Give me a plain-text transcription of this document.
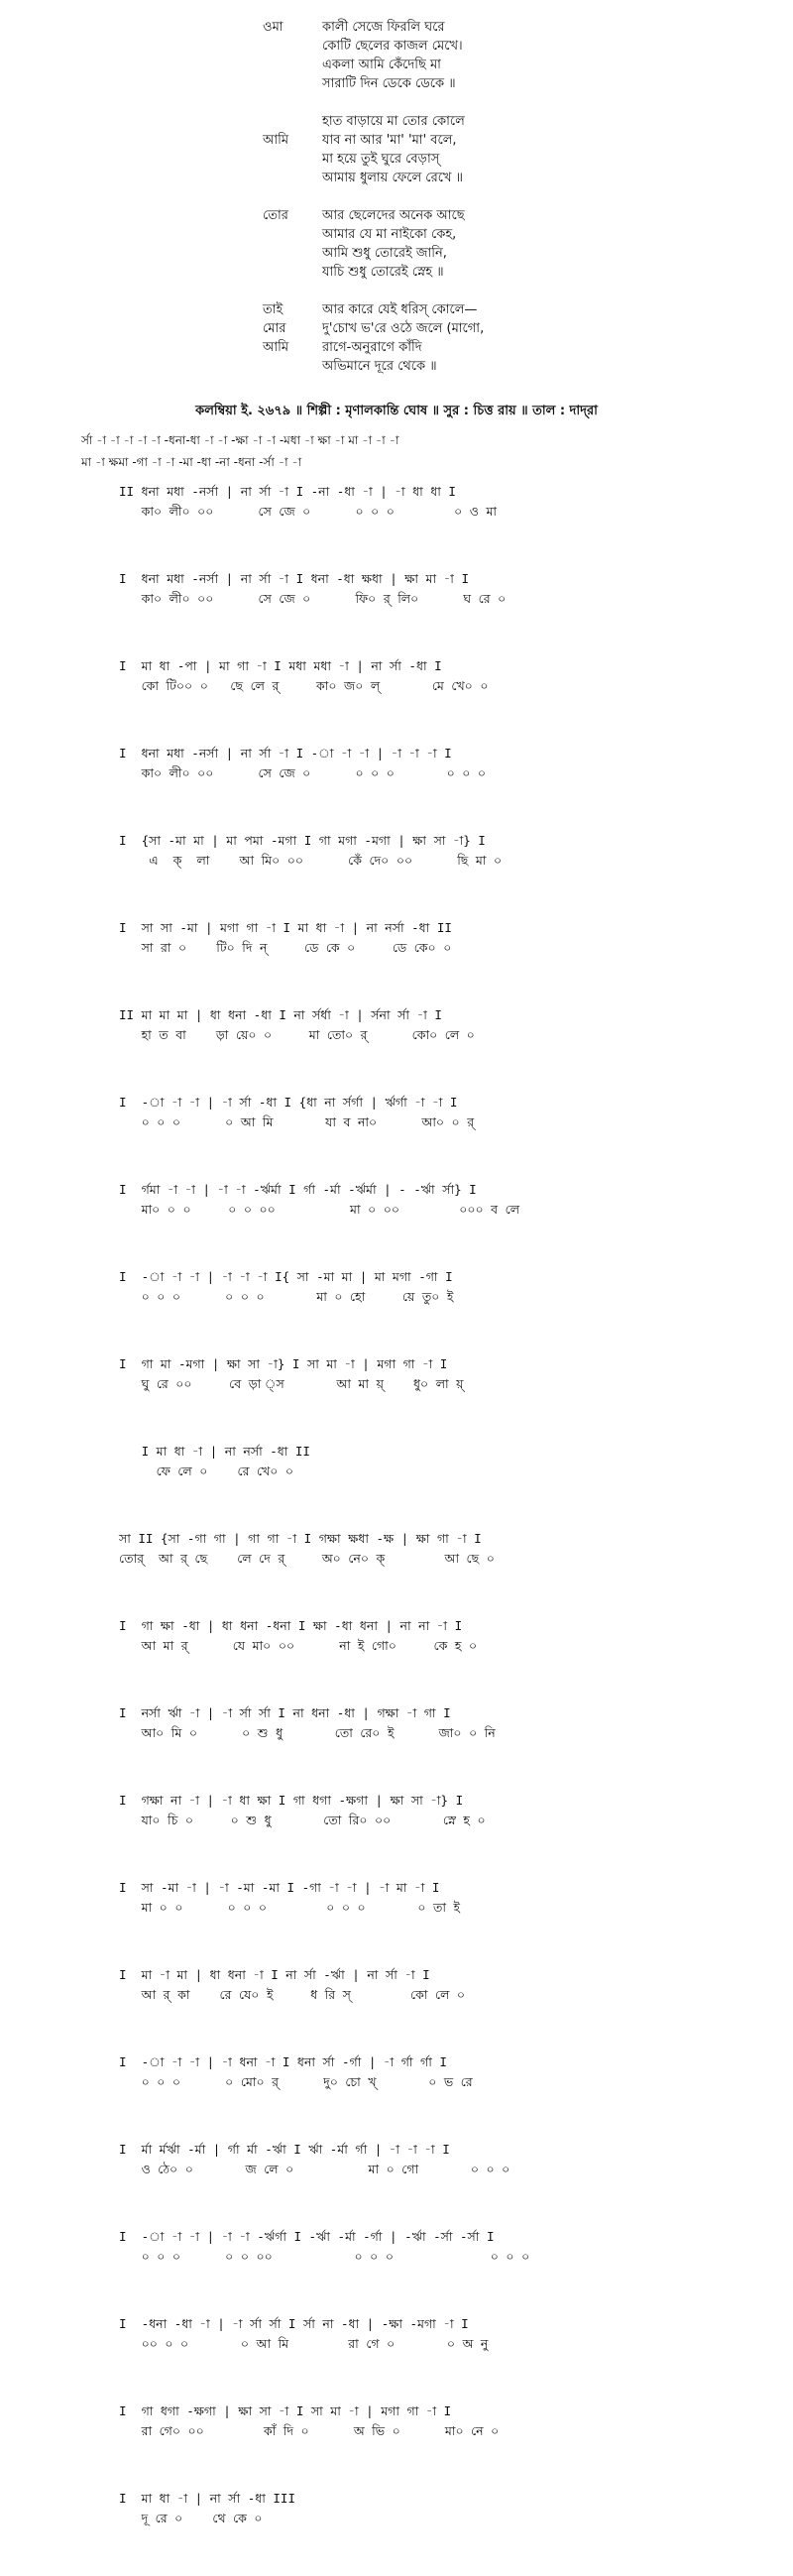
ওমা	কালী সেজে ফিরলি ঘরে
কোটি ছেলের কাজল মেখে।
একলা আমি কেঁদেছি মা
সারাটি দিন ডেকে ডেকে ॥
হাত বাড়ায়ে মা তোর কোলে
আমি	যাব না আর 'মা' 'মা' বলে,
মা হয়ে তুই ঘুরে বেড়াস্
আমায় ধুলায় ফেলে রেখে ॥
তোর	আর ছেলেদের অনেক আছে
আমার যে মা নাইকো কেহ,
আমি শুধু তোরেই জানি,
যাচি শুধু তোরেই স্নেহ ॥
তাই	আর কারে যেই ধরিস্ কোলে—
মোর	দু'চোখ ভ'রে ওঠে জলে (মাগো,
আমি	রাগে-অনুরাগে কাঁদি
অভিমানে দূরে থেকে ॥
কলম্বিয়া ই. ২৬৭৯ ॥ শিল্পী : মৃণালকান্তি ঘোষ ॥ সুর : চিত্ত রায় ॥ তাল : দাদ্‌রা
র্সা -া -া -া -া -া -ধনা-ধা -া -া -ক্ষা -া -া -মধা -া ক্ষা -া মা -া -া -া
মা -া ক্ষমা -গা -া -া -মা -ধা -না -ধনা -র্সা -া -া
II ধনা মধা -নর্সা | না র্সা -া I -না -ধা -া | -া ধা ধা I
কা০ লী০ ০০      সে জে ০      ০ ০ ০        ০ ও মা
I  ধনা মধা -নর্সা | না র্সা -া I ধনা -ধা ক্ষধা | ক্ষা মা -া I
কা০ লী০ ০০      সে জে ০      ফি০ র্ লি০      ঘ রে ০
I  মা ধা -পা | মা গা -া I মধা মধা -া | না র্সা -ধা I
কো টি০০ ০   ছে লে র্     কা০ জ০ ল্       মে খে০ ০
I  ধনা মধা -নর্সা | না র্সা -া I -া -া -া | -া -া -া I
কা০ লী০ ০০      সে জে ০      ০ ০ ০       ০ ০ ০
I  {সা -মা মা | মা পমা -মগা I গা মগা -মগা | ক্ষা সা -া} I
এ  ক্  লা    আ মি০ ০০      কেঁ দে০ ০০      ছি মা ০
I  সা সা -মা | মগা গা -া I মা ধা -া | না নর্সা -ধা II
সা রা ০    টি০ দি ন্     ডে কে ০     ডে কে০ ০
II মা মা মা | ধা ধনা -ধা I না র্সর্ধা -া | র্সনা র্সা -া I
হা ত বা    ড়া য়ে০ ০     মা তো০ র্      কো০ লে ০
I  -া -া -া | -া র্সা -ধা I {ধা না র্সর্গা | র্ঋর্গা -া -া I
০ ০ ০      ০ আ মি       যা ব না০      আ০ ০ র্
I  র্গমা -া -া | -া -া -র্ঋর্মা I র্গা -র্মা -র্ঋর্মা | - -র্ঋা র্সা} I
মা০ ০ ০     ০ ০ ০০          মা ০ ০০        ০০০ ব লে
I  -া -া -া | -া -া -া I{ সা -মা মা | মা মগা -গা I
০ ০ ০      ০ ০ ০       মা ০ হো     য়ে তু০ ই
I  গা মা -মগা | ক্ষা সা -া} I সা মা -া | মগা গা -া I
ঘু রে ০০     বে ড়া ্স       আ মা য়্    ধু০ লা য়্
I মা ধা -া | না নর্সা -ধা II
ফে লে ০    রে খে০ ০
সা II {সা -গা গা | গা গা -া I গক্ষা ক্ষধা -ক্ষ | ক্ষা গা -া I
তোর্  আ র্ ছে    লে দে র্     অ০ নে০ ক্        আ ছে ০
I  গা ক্ষা -ধা | ধা ধনা -ধনা I ক্ষা -ধা ধনা | না না -া I
আ মা র্      যে মা০ ০০      না ই গো০     কে হ ০
I  নর্সা র্ঋা -া | -া র্সা র্সা I না ধনা -ধা | গক্ষা -া গা I
আ০ মি ০      ০ শু ধু       তো রে০ ই      জা০ ০ নি
I  গক্ষা না -া | -া ধা ক্ষা I গা ধগা -ক্ষগা | ক্ষা সা -া} I
যা০ চি ০     ০ শু ধু       তো রি০ ০০       স্নে হ ০
I  সা -মা -া | -া -মা -মা I -গা -া -া | -া মা -া I
মা ০ ০      ০ ০ ০        ০ ০ ০       ০ তা ই
I  মা -া মা | ধা ধনা -া I না র্সা -র্ঋা | না র্সা -া I
আ র্ কা    রে যে০ ই     ধ রি স্        কো লে ০
I  -া -া -া | -া ধনা -া I ধনা র্সা -র্গা | -া র্গা র্গা I
০ ০ ০      ০ মো০ র্      দু০ চো খ্       ০ ভ রে
I  র্মা র্মর্ঋা -র্মা | র্গা র্মা -র্ঋা I র্ঋা -র্মা র্গা | -া -া -া I
ও ঠে০ ০       জ লে ০          মা ০ গো       ০ ০ ০
I  -া -া -া | -া -া -র্ঋর্গা I -র্ঋা -র্মা -র্গা | -র্ঋা -র্সা -র্সা I
০ ০ ০      ০ ০ ০০           ০ ০ ০             ০ ০ ০
I  -ধনা -ধা -া | -া র্সা র্সা I র্সা না -ধা | -ক্ষা -মগা -া I
০০ ০ ০       ০ আ মি        রা গে ০       ০ অ নু
I  গা ধগা -ক্ষগা | ক্ষা সা -া I সা মা -া | মগা গা -া I
রা গে০ ০০        কাঁ দি ০      অ ভি ০      মা০ নে ০
I  মা ধা -া | না র্সা -ধা III
দূ রে ০    থে কে ০
